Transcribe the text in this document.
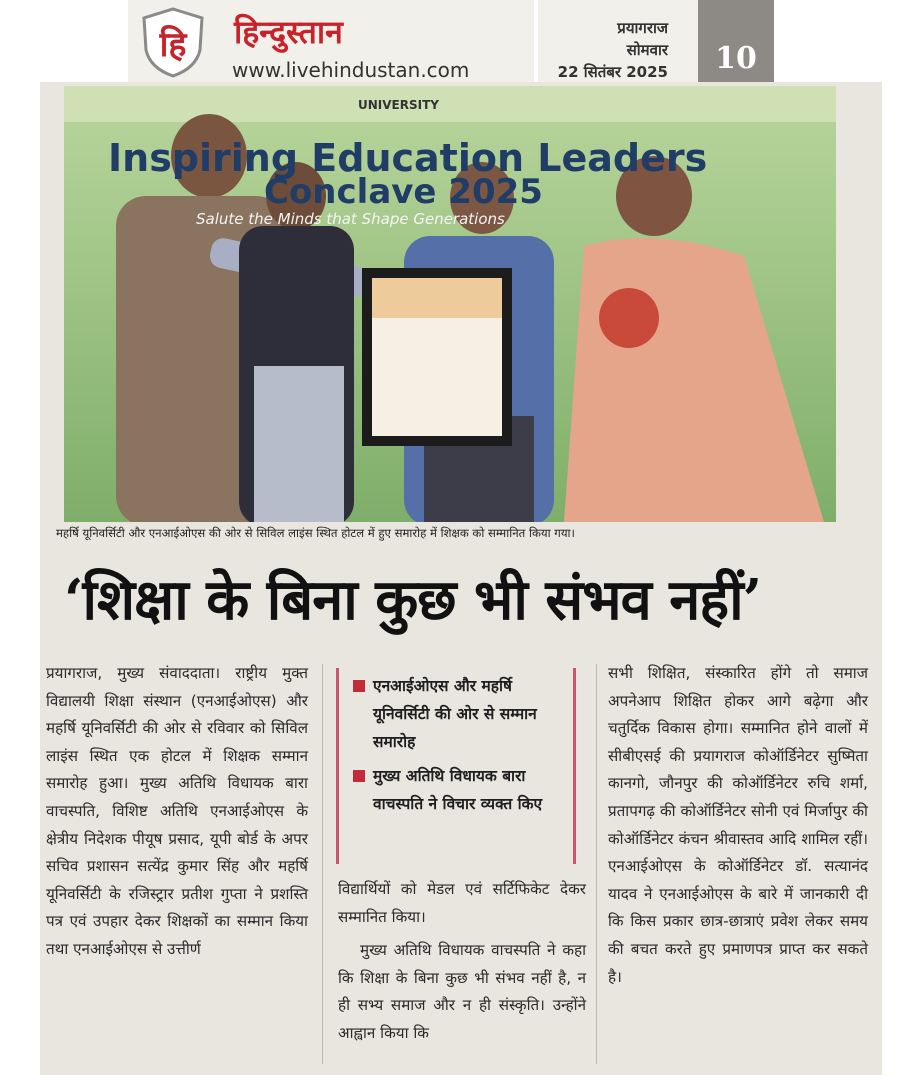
हि हिन्दुस्तान
www.livehindustan.com
प्रयागराज
सोमवार
22 सितंबर 2025	10
UNIVERSITY
Inspiring Education Leaders
Conclave 2025
Salute the Minds that Shape Generations
महर्षि यूनिवर्सिटी और एनआईओएस की ओर से सिविल लाइंस स्थित होटल में हुए समारोह में शिक्षक को सम्मानित किया गया।
‘शिक्षा के बिना कुछ भी संभव नहीं’

प्रयागराज, मुख्य संवाददाता। राष्ट्रीय मुक्त विद्यालयी शिक्षा संस्थान (एनआईओएस) और महर्षि यूनिवर्सिटी की ओर से रविवार को सिविल लाइंस स्थित एक होटल में शिक्षक सम्मान समारोह हुआ। मुख्य अतिथि विधायक बारा वाचस्पति, विशिष्ट अतिथि एनआईओएस के क्षेत्रीय निदेशक पीयूष प्रसाद, यूपी बोर्ड के अपर सचिव प्रशासन सत्येंद्र कुमार सिंह और महर्षि यूनिवर्सिटी के रजिस्ट्रार प्रतीश गुप्ता ने प्रशस्ति पत्र एवं उपहार देकर शिक्षकों का सम्मान किया तथा एनआईओएस से उत्तीर्ण

एनआईओएस और महर्षि यूनिवर्सिटी की ओर से सम्मान समारोह
मुख्य अतिथि विधायक बारा वाचस्पति ने विचार व्यक्त किए

विद्यार्थियों को मेडल एवं सर्टिफिकेट देकर सम्मानित किया।

मुख्य अतिथि विधायक वाचस्पति ने कहा कि शिक्षा के बिना कुछ भी संभव नहीं है, न ही सभ्य समाज और न ही संस्कृति। उन्होंने आह्वान किया कि

सभी शिक्षित, संस्कारित होंगे तो समाज अपनेआप शिक्षित होकर आगे बढ़ेगा और चतुर्दिक विकास होगा। सम्मानित होने वालों में सीबीएसई की प्रयागराज कोऑर्डिनेटर सुष्मिता कानगो, जौनपुर की कोऑर्डिनेटर रुचि शर्मा, प्रतापगढ़ की कोऑर्डिनेटर सोनी एवं मिर्जापुर की कोऑर्डिनेटर कंचन श्रीवास्तव आदि शामिल रहीं। एनआईओएस के कोऑर्डिनेटर डॉ. सत्यानंद यादव ने एनआईओएस के बारे में जानकारी दी कि किस प्रकार छात्र-छात्राएं प्रवेश लेकर समय की बचत करते हुए प्रमाणपत्र प्राप्त कर सकते है।
